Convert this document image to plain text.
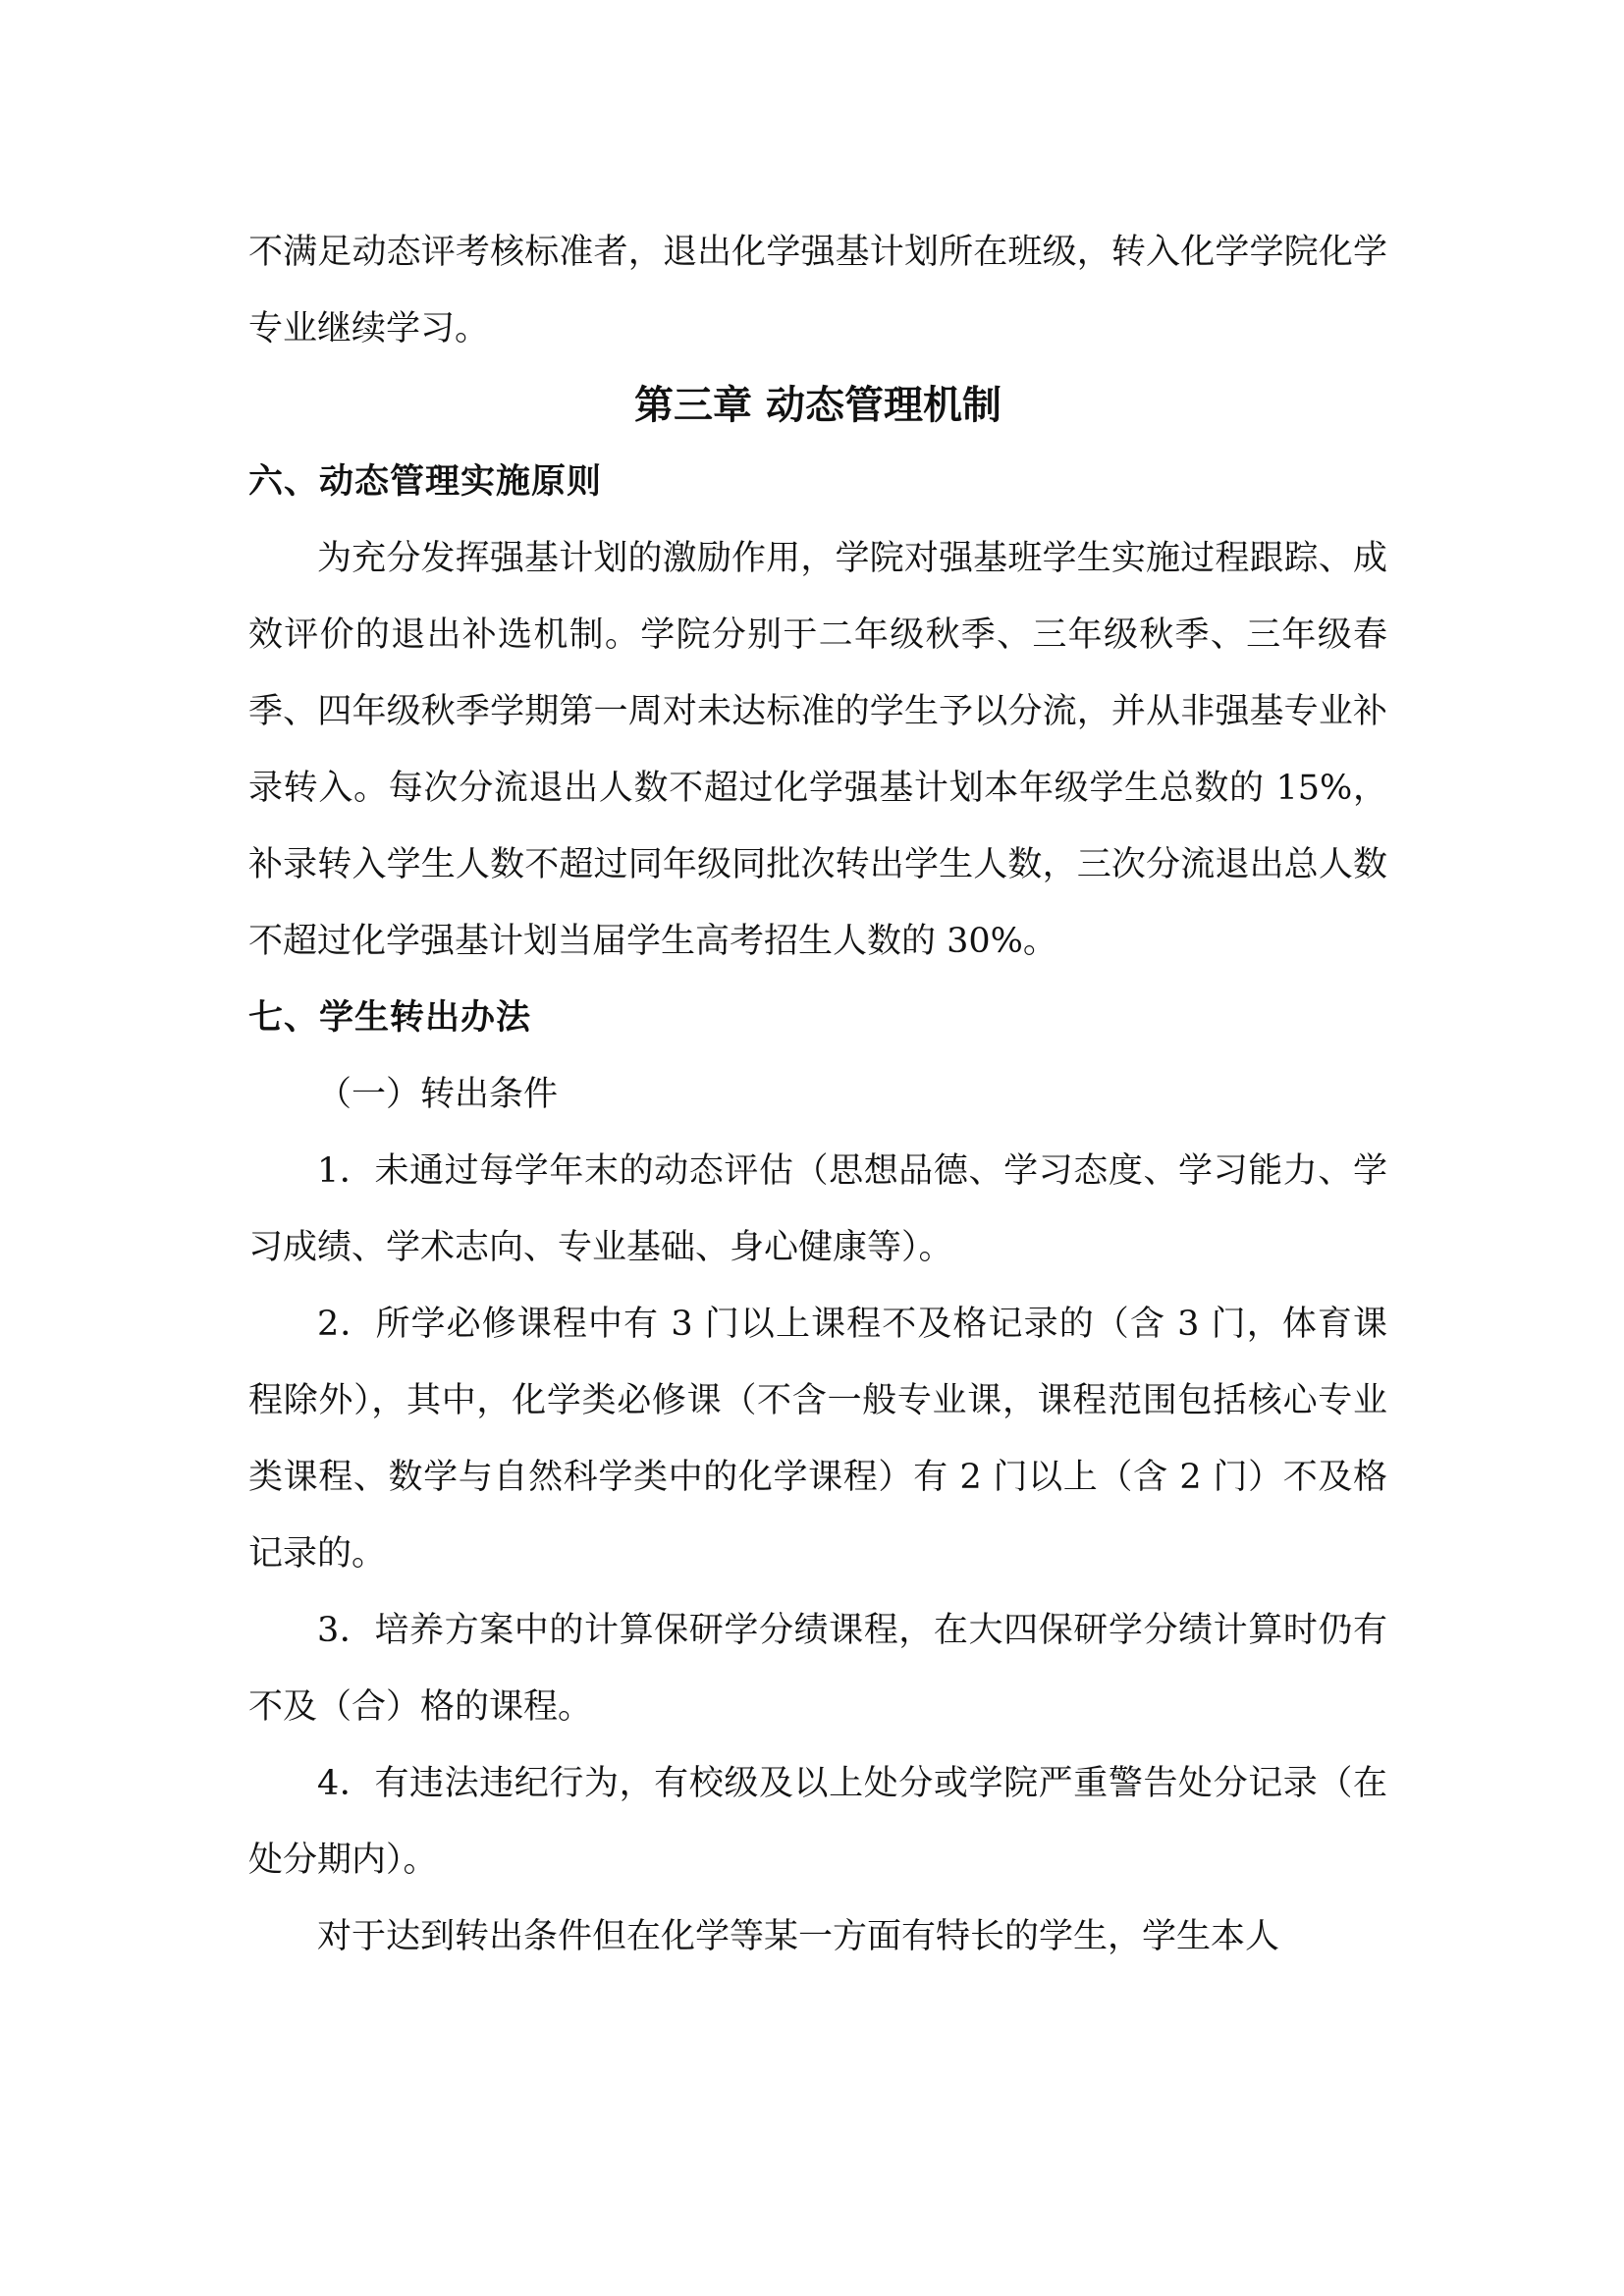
不满足动态评考核标准者，退出化学强基计划所在班级，转入化学学院化学专业继续学习。

第三章 动态管理机制

六、动态管理实施原则

为充分发挥强基计划的激励作用，学院对强基班学生实施过程跟踪、成效评价的退出补选机制。学院分别于二年级秋季、三年级秋季、三年级春季、四年级秋季学期第一周对未达标准的学生予以分流，并从非强基专业补录转入。每次分流退出人数不超过化学强基计划本年级学生总数的 15%，补录转入学生人数不超过同年级同批次转出学生人数，三次分流退出总人数不超过化学强基计划当届学生高考招生人数的 30%。

七、学生转出办法

（一）转出条件

1．未通过每学年末的动态评估（思想品德、学习态度、学习能力、学习成绩、学术志向、专业基础、身心健康等）。

2．所学必修课程中有 3 门以上课程不及格记录的（含 3 门，体育课程除外），其中，化学类必修课（不含一般专业课，课程范围包括核心专业类课程、数学与自然科学类中的化学课程）有 2 门以上（含 2 门）不及格记录的。

3．培养方案中的计算保研学分绩课程，在大四保研学分绩计算时仍有不及（合）格的课程。

4．有违法违纪行为，有校级及以上处分或学院严重警告处分记录（在处分期内）。

对于达到转出条件但在化学等某一方面有特长的学生，学生本人
